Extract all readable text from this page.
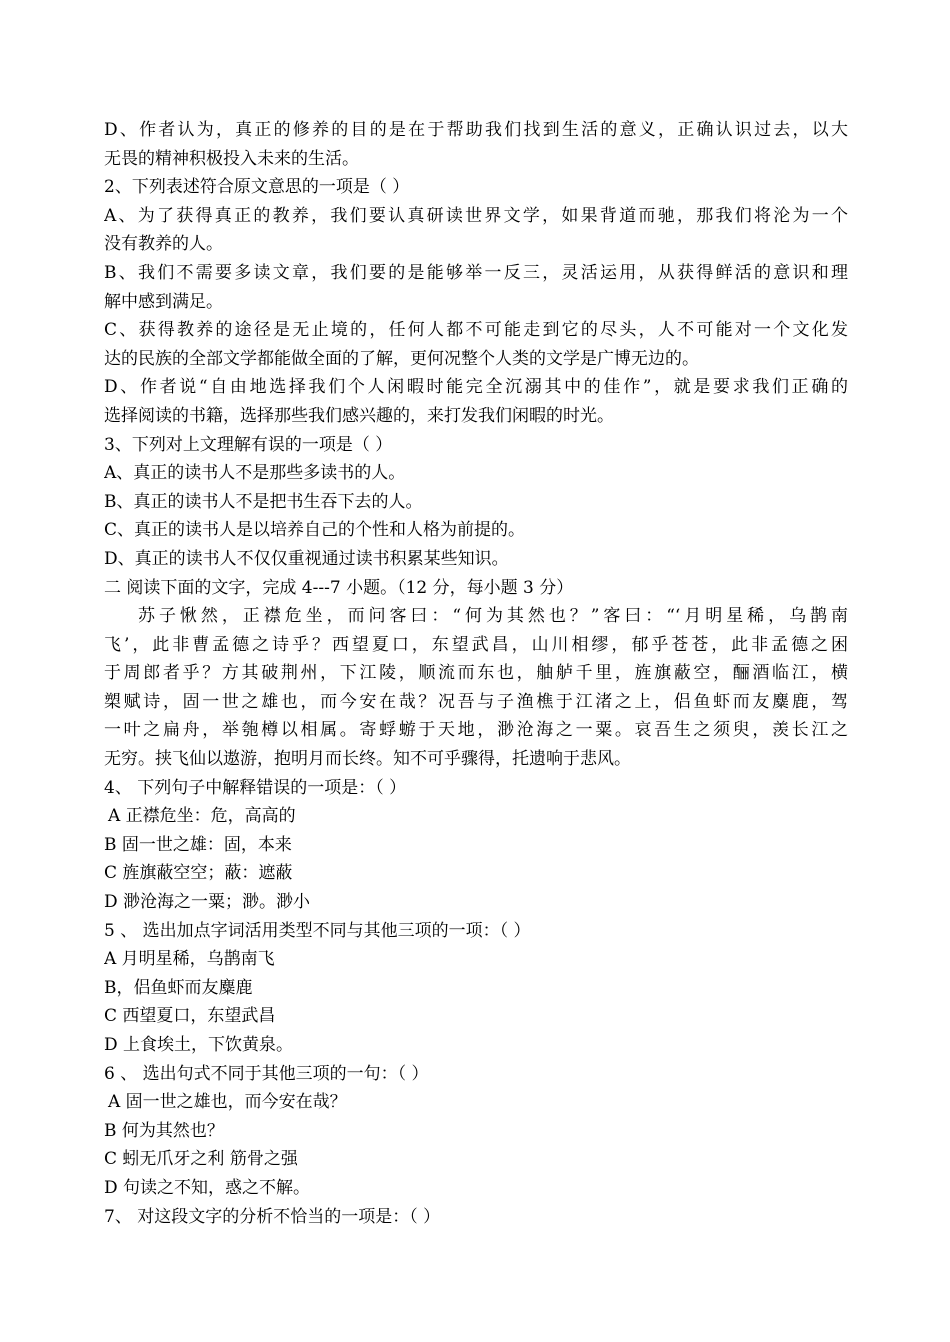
D、作者认为，真正的修养的目的是在于帮助我们找到生活的意义，正确认识过去，以大
无畏的精神积极投入未来的生活。
2、下列表述符合原文意思的一项是（ ）
A、为了获得真正的教养，我们要认真研读世界文学，如果背道而驰，那我们将沦为一个
没有教养的人。
B、我们不需要多读文章，我们要的是能够举一反三，灵活运用，从获得鲜活的意识和理
解中感到满足。
C、获得教养的途径是无止境的，任何人都不可能走到它的尽头，人不可能对一个文化发
达的民族的全部文学都能做全面的了解，更何况整个人类的文学是广博无边的。
D、作者说“自由地选择我们个人闲暇时能完全沉溺其中的佳作”，就是要求我们正确的
选择阅读的书籍，选择那些我们感兴趣的，来打发我们闲暇的时光。
3、下列对上文理解有误的一项是（ ）
A、真正的读书人不是那些多读书的人。
B、真正的读书人不是把书生吞下去的人。
C、真正的读书人是以培养自己的个性和人格为前提的。
D、真正的读书人不仅仅重视通过读书积累某些知识。
二 阅读下面的文字，完成 4---7 小题。（12 分，每小题 3 分）
苏子愀然，正襟危坐，而问客曰：“何为其然也？”客曰：“‘月明星稀，乌鹊南
飞’，此非曹孟德之诗乎？西望夏口，东望武昌，山川相缪，郁乎苍苍，此非孟德之困
于周郎者乎？方其破荆州，下江陵，顺流而东也，舳舻千里，旌旗蔽空，酾酒临江，横
槊赋诗，固一世之雄也，而今安在哉？况吾与子渔樵于江渚之上，侣鱼虾而友麋鹿，驾
一叶之扁舟，举匏樽以相属。寄蜉蝣于天地，渺沧海之一粟。哀吾生之须臾，羡长江之
无穷。挟飞仙以遨游，抱明月而长终。知不可乎骤得，托遗响于悲风。
4、 下列句子中解释错误的一项是：（ ）
A 正襟危坐：危，高高的
B 固一世之雄：固，本来
C 旌旗蔽空空；蔽：遮蔽
D 渺沧海之一粟；渺。渺小
5 、 选出加点字词活用类型不同与其他三项的一项：（ ）
A 月明星稀，乌鹊南飞
B，侣鱼虾而友麋鹿
C 西望夏口，东望武昌
D 上食埃土，下饮黄泉。
6 、 选出句式不同于其他三项的一句：（ ）
A 固一世之雄也，而今安在哉？
B 何为其然也？
C 蚓无爪牙之利 筋骨之强
D 句读之不知，惑之不解。
7、 对这段文字的分析不恰当的一项是：（ ）
